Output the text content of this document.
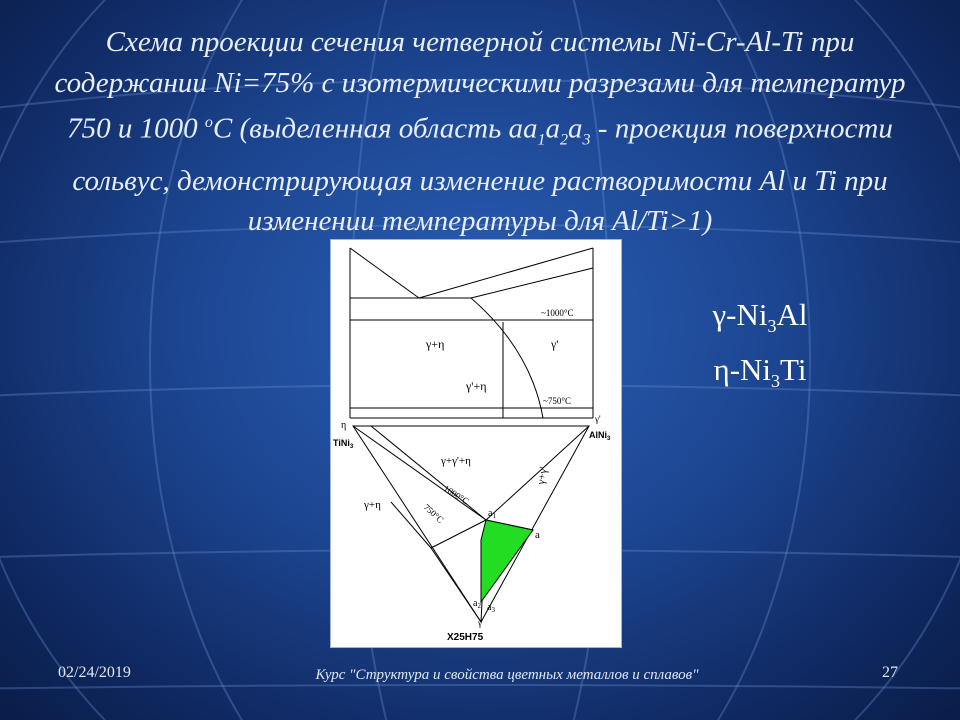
Схема проекции сечения четверной системы Ni-Cr-Al-Ti при содержании Ni=75% с изотермическими разрезами для температур 750 и 1000 $^о$С (выделенная область $аа_1а_2а_3$ - проекция поверхности сольвус, демонстрирующая изменение растворимости Al и Ti при изменении температуры для Al/Ti>1)
~1000°С
~750°С
γ+η	γ'
γ'+η
γ'
η
TiNi$_3$
AlNi$_3$
γ+γ'+η
γ+γ'
1000°C
750°C
γ+η
$a_1$
a
$a_2$ $a_3$
γ
X25H75
$\gamma-Ni_3Al$
$\eta-Ni_3Ti$
02/24/2019	Курс "Структура и свойства цветных металлов и сплавов"	27
